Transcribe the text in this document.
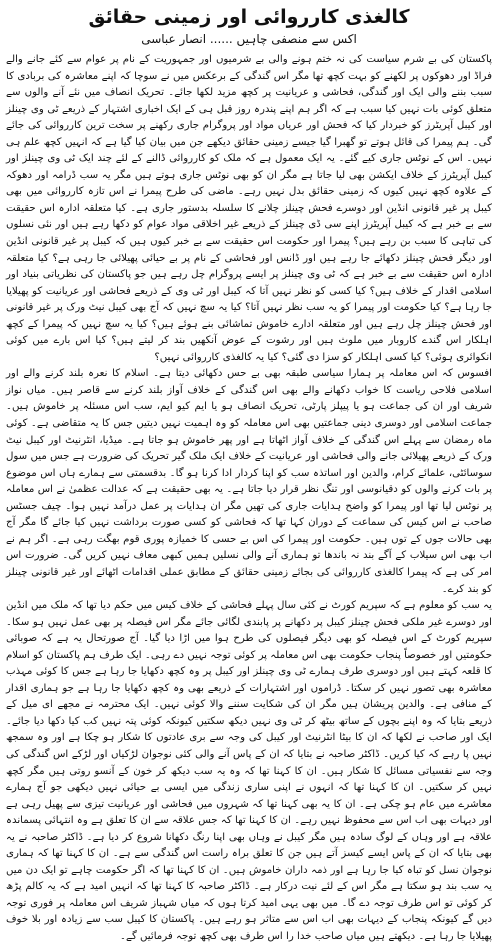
کالغذی کارروائی اور زمینی حقائق
اکس سے منصفی چاہیں ...... انصار عباسی

پاکستان کی بے شرم سیاست کی نہ ختم ہونے والی بے شرمیوں اور جمہوریت کے نام پر عوام سے کئے جانے والے فراڈ اور دھوکوں پر لکھنے کو بہت کچھ تھا مگر اس گندگی کے برعکس میں نے سوچا کہ اپنے معاشرہ کی بربادی کا سبب بننے والی ایک اور گندگی، فحاشی و عریانیت پر کچھ مزید لکھا جائے۔ تحریک انصاف میں نئے آنے والوں سے متعلق کوئی بات نہیں کیا سبب ہے کہ اگر ہم اپنے پندرہ روز قبل ہی کے ایک اخباری اشتہار کے ذریعے ٹی وی چینلز اور کیبل آپریٹرز کو خبردار کیا کہ فحش اور عریاں مواد اور پروگرام جاری رکھنے پر سخت ترین کارروائی کی جائے گی۔ ہم پیمرا کی قائل ہوتے تو گھبرا گیا جیسے زمینی حقائق دیکھے جن میں بیان کیا گیا ہے کہ انہیں کچھ علم ہی نہیں۔ اس کے نوٹس جاری کیے گئے۔ یہ ایک معمول ہے کہ ملک کو کارروائی ڈالنے کے لئے چند ایک ٹی وی چینلز اور کیبل آپریٹرز کے خلاف ایکشن بھی لیا جاتا ہے مگر ان کو بھی نوٹس جاری ہوتے ہیں مگر یہ سب ڈرامہ اور دھوکہ کے علاوہ کچھ نہیں کیوں کہ زمینی حقائق بدل نہیں رہے۔ ماضی کی طرح پیمرا نے اس تازہ کارروائی میں بھی کیبل پر غیر قانونی انڈین اور دوسرے فحش چینلز چلانے کا سلسلہ بدستور جاری ہے۔ کیا متعلقہ ادارہ اس حقیقت سے بے خبر ہے کہ کیبل آپریٹرز اپنے سی ڈی چینلز کے ذریعے غیر اخلاقی مواد عوام کو دکھا رہے ہیں اور نئی نسلوں کی تباہی کا سبب بن رہے ہیں؟ پیمرا اور حکومت اس حقیقت سے بے خبر کیوں ہیں کہ کیبل پر غیر قانونی انڈین اور دیگر فحش چینلز دکھائے جا رہے ہیں اور ڈانس اور فحاشی کے نام پر بے حیائی پھیلائی جا رہی ہے؟ کیا متعلقہ ادارہ اس حقیقت سے بے خبر ہے کہ ٹی وی چینلز پر ایسے پروگرام چل رہے ہیں جو پاکستان کی نظریاتی بنیاد اور اسلامی اقدار کے خلاف ہیں؟ کیا کسی کو نظر نہیں آتا کہ کیبل اور ٹی وی کے ذریعے فحاشی اور عریانیت کو پھیلایا جا رہا ہے؟ کیا حکومت اور پیمرا کو یہ سب نظر نہیں آتا؟ کیا یہ سچ نہیں کہ آج بھی کیبل نیٹ ورک پر غیر قانونی اور فحش چینلز چل رہے ہیں اور متعلقہ ادارے خاموش تماشائی بنے ہوئے ہیں؟ کیا یہ سچ نہیں کہ پیمرا کے کچھ اہلکار اس گندے کاروبار میں ملوث ہیں اور رشوت کے عوض آنکھیں بند کر لیتے ہیں؟ کیا اس بارے میں کوئی انکوائری ہوئی؟ کیا کسی اہلکار کو سزا دی گئی؟ کیا یہ کالغذی کارروائی نہیں؟

افسوس کہ اس معاملہ پر ہمارا سیاسی طبقہ بھی بے حس دکھائی دیتا ہے۔ اسلام کا نعرہ بلند کرنے والے اور اسلامی فلاحی ریاست کا خواب دکھانے والے بھی اس گندگی کے خلاف آواز بلند کرنے سے قاصر ہیں۔ میاں نواز شریف اور ان کی جماعت ہو یا پیپلز پارٹی، تحریک انصاف ہو یا ایم کیو ایم، سب اس مسئلہ پر خاموش ہیں۔ جماعت اسلامی اور دوسری دینی جماعتیں بھی اس معاملہ کو وہ اہمیت نہیں دیتیں جس کا یہ متقاضی ہے۔ کوئی ماہ رمضان سے پہلے اس گندگی کے خلاف آواز اٹھاتا ہے اور پھر خاموش ہو جاتا ہے۔ میڈیا، انٹرنیٹ اور کیبل نیٹ ورک کے ذریعے پھیلائی جانے والی فحاشی اور عریانیت کے خلاف ایک ملک گیر تحریک کی ضرورت ہے جس میں سول سوسائٹی، علمائے کرام، والدین اور اساتذہ سب کو اپنا کردار ادا کرنا ہو گا۔ بدقسمتی سے ہمارے ہاں اس موضوع پر بات کرنے والوں کو دقیانوسی اور تنگ نظر قرار دیا جاتا ہے۔ یہ بھی حقیقت ہے کہ عدالت عظمیٰ نے اس معاملہ پر نوٹس لیا تھا اور پیمرا کو واضح ہدایات جاری کی تھیں مگر ان ہدایات پر عمل درآمد نہیں ہوا۔ چیف جسٹس صاحب نے اس کیس کی سماعت کے دوران کہا تھا کہ فحاشی کو کسی صورت برداشت نہیں کیا جائے گا مگر آج بھی حالات جوں کے توں ہیں۔ حکومت اور پیمرا کی اس بے حسی کا خمیازہ پوری قوم بھگت رہی ہے۔ اگر ہم نے اب بھی اس سیلاب کے آگے بند نہ باندھا تو ہماری آنے والی نسلیں ہمیں کبھی معاف نہیں کریں گی۔ ضرورت اس امر کی ہے کہ پیمرا کالغذی کارروائی کی بجائے زمینی حقائق کے مطابق عملی اقدامات اٹھائے اور غیر قانونی چینلز کو بند کرے۔

یہ سب کو معلوم ہے کہ سپریم کورٹ نے کئی سال پہلے فحاشی کے خلاف کیس میں حکم دیا تھا کہ ملک میں انڈین اور دوسرے غیر ملکی فحش چینلز کیبل پر دکھانے پر پابندی لگائی جائے مگر اس فیصلہ پر بھی عمل نہیں ہو سکا۔ سپریم کورٹ کے اس فیصلہ کو بھی دیگر فیصلوں کی طرح ہوا میں اڑا دیا گیا۔ آج صورتحال یہ ہے کہ صوبائی حکومتیں اور خصوصاً پنجاب حکومت بھی اس معاملہ پر کوئی توجہ نہیں دے رہی۔ ایک طرف ہم پاکستان کو اسلام کا قلعہ کہتے ہیں اور دوسری طرف ہمارے ٹی وی چینلز اور کیبل پر وہ کچھ دکھایا جا رہا ہے جس کا کوئی مہذب معاشرہ بھی تصور نہیں کر سکتا۔ ڈراموں اور اشتہارات کے ذریعے بھی وہ کچھ دکھایا جا رہا ہے جو ہماری اقدار کے منافی ہے۔ والدین پریشان ہیں مگر ان کی شکایت سننے والا کوئی نہیں۔ ایک محترمہ نے مجھے ای میل کے ذریعے بتایا کہ وہ اپنے بچوں کے ساتھ بیٹھ کر ٹی وی نہیں دیکھ سکتیں کیونکہ کوئی پتہ نہیں کب کیا دکھا دیا جائے۔ ایک اور صاحب نے لکھا کہ ان کا بیٹا انٹرنیٹ اور کیبل کی وجہ سے بری عادتوں کا شکار ہو چکا ہے اور وہ سمجھ نہیں پا رہے کہ کیا کریں۔ ڈاکٹر صاحبہ نے بتایا کہ ان کے پاس آنے والی کئی نوجوان لڑکیاں اور لڑکے اس گندگی کی وجہ سے نفسیاتی مسائل کا شکار ہیں۔ ان کا کہنا تھا کہ وہ یہ سب دیکھ کر خون کے آنسو روتی ہیں مگر کچھ نہیں کر سکتیں۔ ان کا کہنا تھا کہ انہوں نے اپنی ساری زندگی میں ایسی بے حیائی نہیں دیکھی جو آج ہمارے معاشرے میں عام ہو چکی ہے۔ ان کا یہ بھی کہنا تھا کہ شہروں میں فحاشی اور عریانیت تیزی سے پھیل رہی ہے اور دیہات بھی اب اس سے محفوظ نہیں رہے۔ ان کا کہنا تھا کہ جس علاقہ سے ان کا تعلق ہے وہ انتہائی پسماندہ علاقہ ہے اور وہاں کے لوگ سادہ ہیں مگر کیبل نے وہاں بھی اپنا رنگ دکھانا شروع کر دیا ہے۔ ڈاکٹر صاحبہ نے یہ بھی بتایا کہ ان کے پاس ایسے کیسز آتے ہیں جن کا تعلق براہ راست اس گندگی سے ہے۔ ان کا کہنا تھا کہ ہماری نوجوان نسل کو تباہ کیا جا رہا ہے اور ذمہ داران خاموش ہیں۔ ان کا کہنا تھا کہ اگر حکومت چاہے تو ایک دن میں یہ سب بند ہو سکتا ہے مگر اس کے لئے نیت درکار ہے۔ ڈاکٹر صاحبہ کا کہنا تھا کہ انہیں امید ہے کہ یہ کالم پڑھ کر کوئی تو اس طرف توجہ دے گا۔ میں بھی یہی امید کرتا ہوں کہ میاں شہباز شریف اس معاملہ پر فوری توجہ دیں گے کیونکہ پنجاب کے دیہات بھی اب اس سے متاثر ہو رہے ہیں۔ پاکستان کا کیبل سب سے زیادہ اور بلا خوف پھیلایا جا رہا ہے۔ دیکھتے ہیں میاں صاحب خدا را اس طرف بھی کچھ توجہ فرمائیں گے۔
